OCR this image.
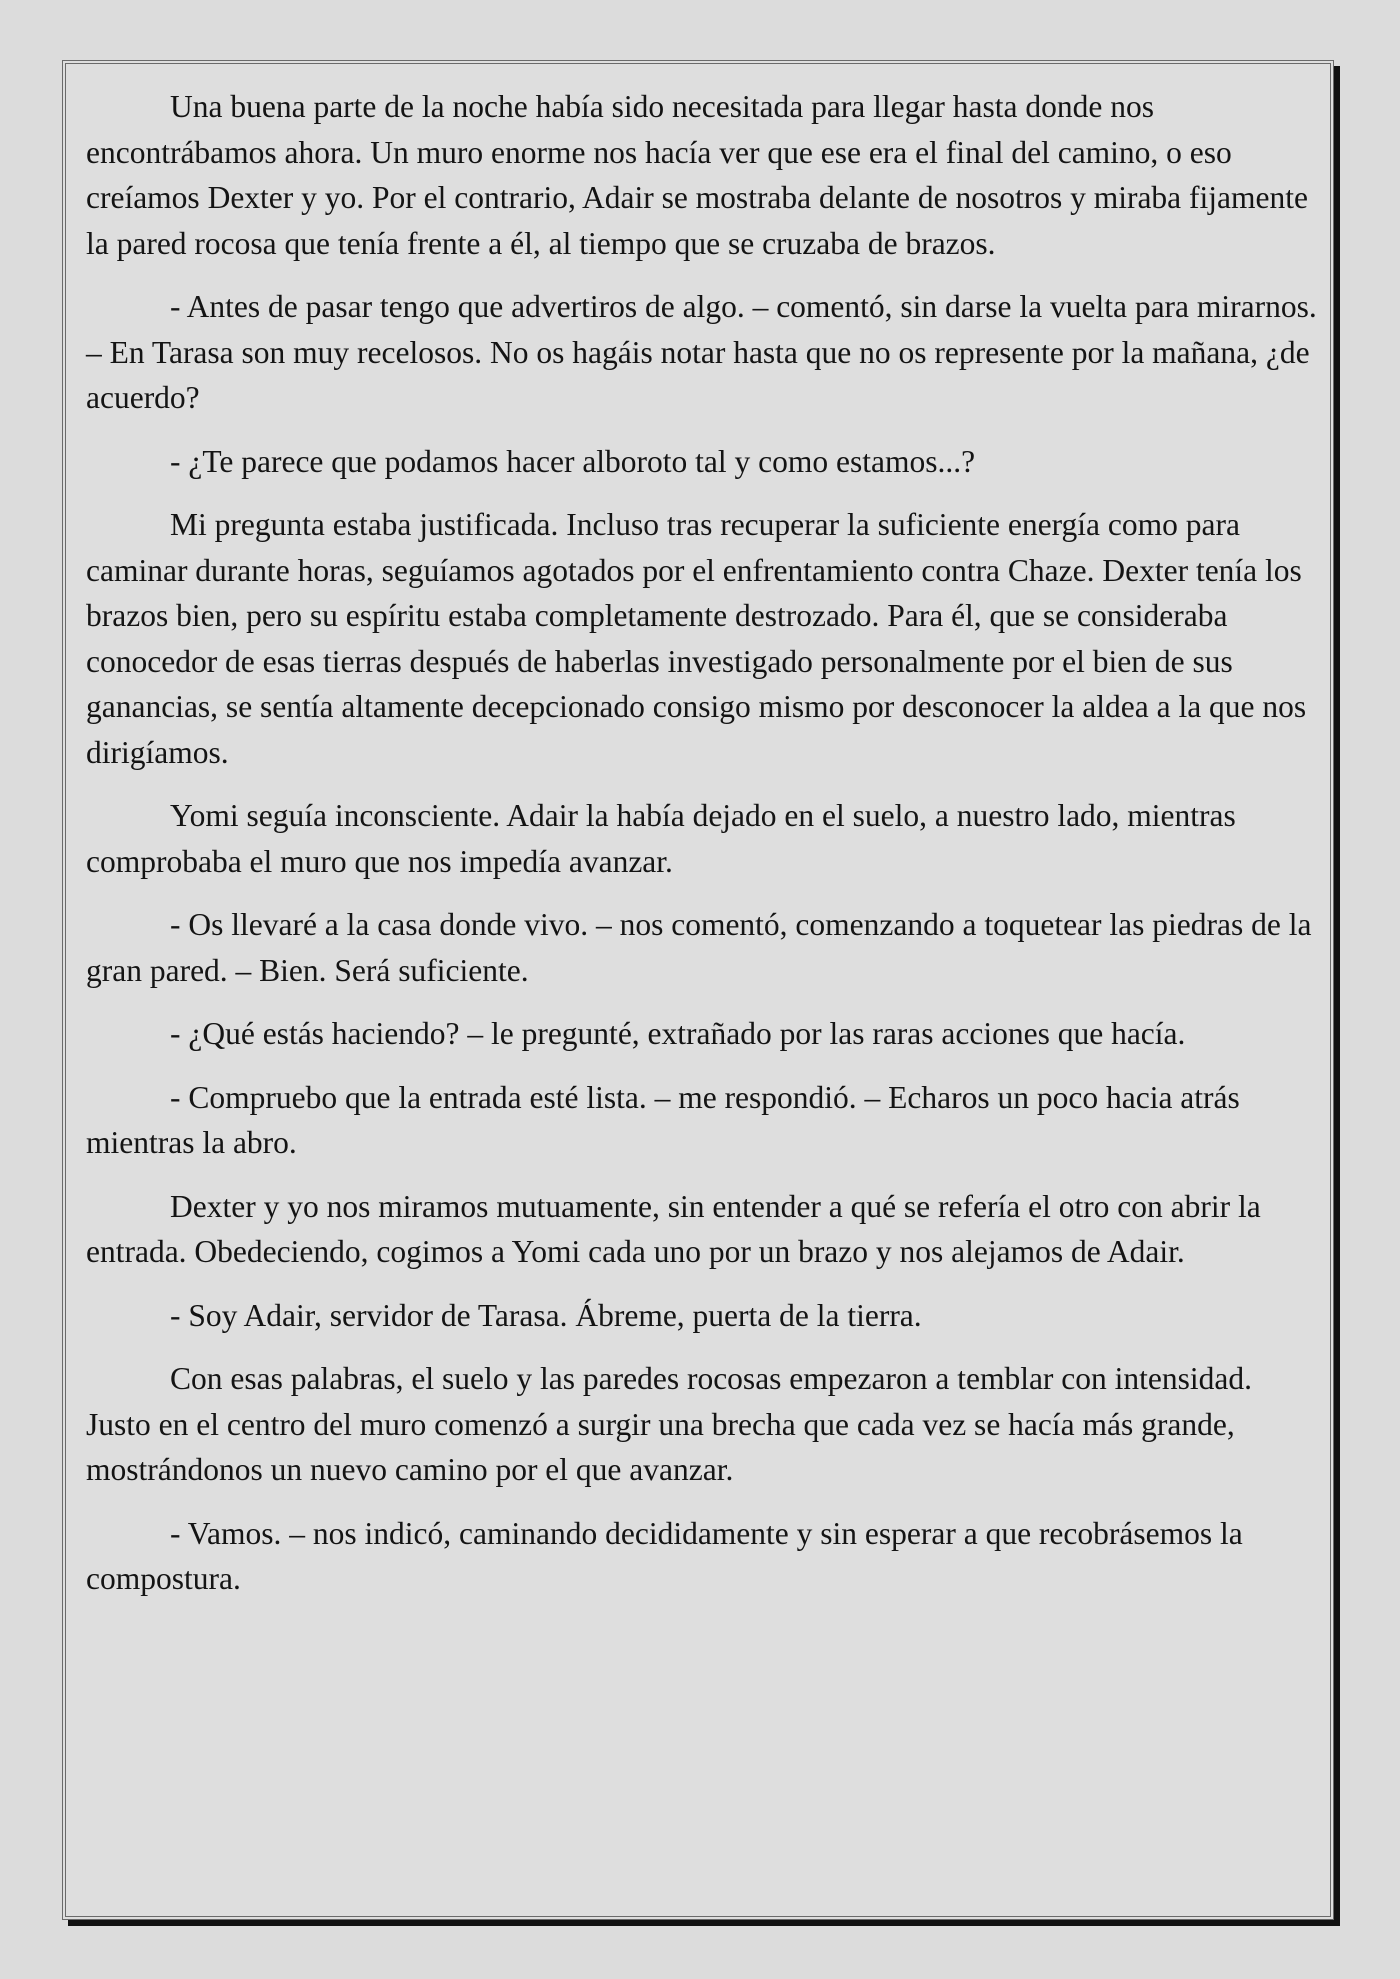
Una buena parte de la noche había sido necesitada para llegar hasta donde nos encontrábamos ahora. Un muro enorme nos hacía ver que ese era el final del camino, o eso creíamos Dexter y yo. Por el contrario, Adair se mostraba delante de nosotros y miraba fijamente la pared rocosa que tenía frente a él, al tiempo que se cruzaba de brazos.

- Antes de pasar tengo que advertiros de algo. – comentó, sin darse la vuelta para mirarnos. – En Tarasa son muy recelosos. No os hagáis notar hasta que no os represente por la mañana, ¿de acuerdo?

- ¿Te parece que podamos hacer alboroto tal y como estamos...?

Mi pregunta estaba justificada. Incluso tras recuperar la suficiente energía como para caminar durante horas, seguíamos agotados por el enfrentamiento contra Chaze. Dexter tenía los brazos bien, pero su espíritu estaba completamente destrozado. Para él, que se consideraba conocedor de esas tierras después de haberlas investigado personalmente por el bien de sus ganancias, se sentía altamente decepcionado consigo mismo por desconocer la aldea a la que nos dirigíamos.

Yomi seguía inconsciente. Adair la había dejado en el suelo, a nuestro lado, mientras comprobaba el muro que nos impedía avanzar.

- Os llevaré a la casa donde vivo. – nos comentó, comenzando a toquetear las piedras de la gran pared. – Bien. Será suficiente.

- ¿Qué estás haciendo? – le pregunté, extrañado por las raras acciones que hacía.

- Compruebo que la entrada esté lista. – me respondió. – Echaros un poco hacia atrás mientras la abro.

Dexter y yo nos miramos mutuamente, sin entender a qué se refería el otro con abrir la entrada. Obedeciendo, cogimos a Yomi cada uno por un brazo y nos alejamos de Adair.

- Soy Adair, servidor de Tarasa. Ábreme, puerta de la tierra.

Con esas palabras, el suelo y las paredes rocosas empezaron a temblar con intensidad. Justo en el centro del muro comenzó a surgir una brecha que cada vez se hacía más grande, mostrándonos un nuevo camino por el que avanzar.

- Vamos. – nos indicó, caminando decididamente y sin esperar a que recobrásemos la compostura.
